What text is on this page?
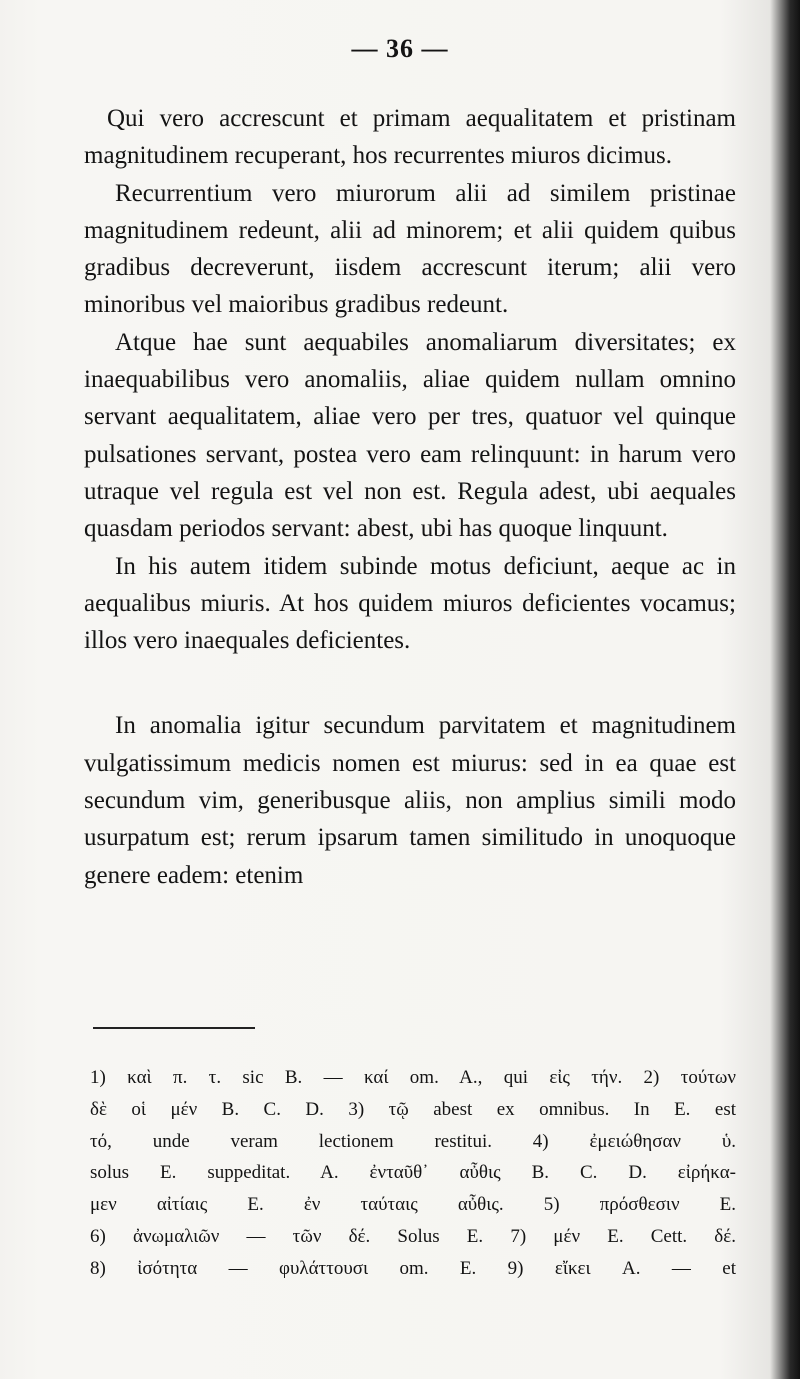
— 36 —

Qui vero accrescunt et primam aequalitatem et pristinam magnitudinem recuperant, hos recurrentes miuros dicimus.

Recurrentium vero miurorum alii ad similem pristinae magnitudinem redeunt, alii ad minorem; et alii quidem quibus gradibus decreverunt, iisdem accrescunt iterum; alii vero minoribus vel maioribus gradibus redeunt.

Atque hae sunt aequabiles anomaliarum diversitates; ex inaequabilibus vero anomaliis, aliae quidem nullam omnino servant aequalitatem, aliae vero per tres, quatuor vel quinque pulsationes servant, postea vero eam relinquunt: in harum vero utraque vel regula est vel non est. Regula adest, ubi aequales quasdam periodos servant: abest, ubi has quoque linquunt.

In his autem itidem subinde motus deficiunt, aeque ac in aequalibus miuris. At hos quidem miuros deficientes vocamus; illos vero inaequales deficientes.

In anomalia igitur secundum parvitatem et magnitudinem vulgatissimum medicis nomen est miurus: sed in ea quae est secundum vim, generibusque aliis, non amplius simili modo usurpatum est; rerum ipsarum tamen similitudo in unoquoque genere eadem: etenim

1) καὶ π. τ. sic B. — καί om. A., qui εἰς τήν. 2) τούτων
δὲ οἱ μέν B. C. D. 3) τῷ abest ex omnibus. In E. est
τό, unde veram lectionem restitui. 4) ἐμειώθησαν ὑ.
solus E. suppeditat. A. ἐνταῦθ᾽ αὖθις B. C. D. εἰρήκα-
μεν αἰτίαις E. ἐν ταύταις αὖθις. 5) πρόσθεσιν E.
6) ἀνωμαλιῶν — τῶν δέ. Solus E. 7) μέν E. Cett. δέ.
8) ἰσότητα — φυλάττουσι om. E. 9) εἴκει A. — et
